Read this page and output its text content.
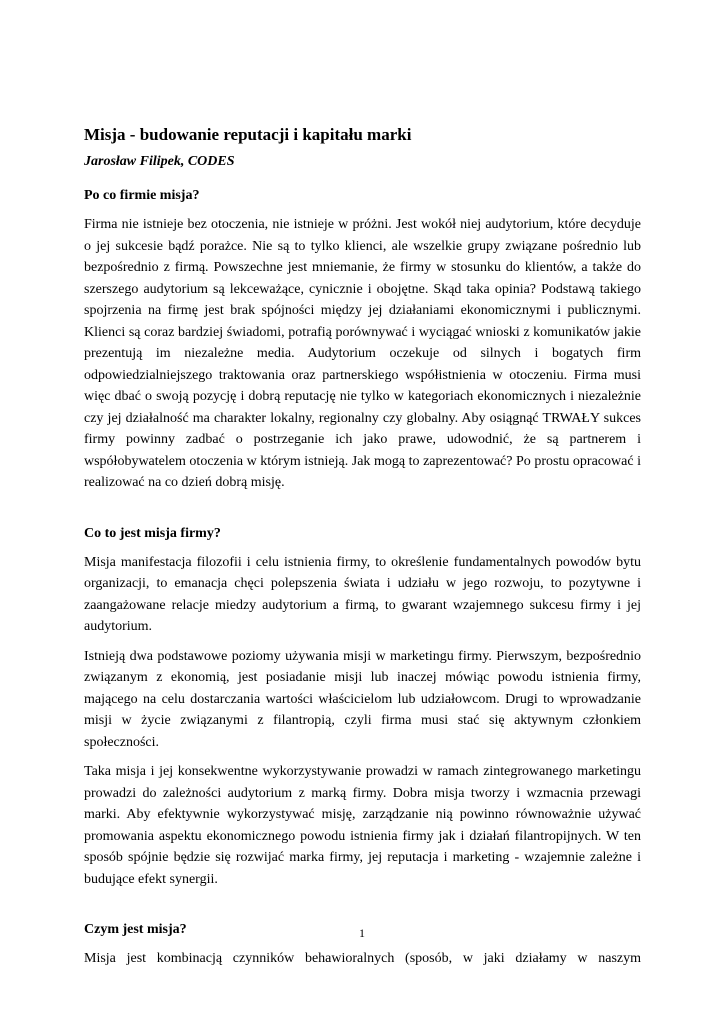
Misja - budowanie reputacji i kapitału marki
Jarosław Filipek, CODES
Po co firmie misja?

Firma nie istnieje bez otoczenia, nie istnieje w próżni. Jest wokół niej audytorium, które decyduje o jej sukcesie bądź porażce. Nie są to tylko klienci, ale wszelkie grupy związane pośrednio lub bezpośrednio z firmą. Powszechne jest mniemanie, że firmy w stosunku do klientów, a także do szerszego audytorium są lekceważące, cynicznie i obojętne. Skąd taka opinia? Podstawą takiego spojrzenia na firmę jest brak spójności między jej działaniami ekonomicznymi i publicznymi. Klienci są coraz bardziej świadomi, potrafią porównywać i wyciągać wnioski z komunikatów jakie prezentują im niezależne media. Audytorium oczekuje od silnych i bogatych firm odpowiedzialniejszego traktowania oraz partnerskiego współistnienia w otoczeniu. Firma musi więc dbać o swoją pozycję i dobrą reputację nie tylko w kategoriach ekonomicznych i niezależnie czy jej działalność ma charakter lokalny, regionalny czy globalny. Aby osiągnąć TRWAŁY sukces firmy powinny zadbać o postrzeganie ich jako prawe, udowodnić, że są partnerem i współobywatelem otoczenia w którym istnieją. Jak mogą to zaprezentować? Po prostu opracować i realizować na co dzień dobrą misję.

Co to jest misja firmy?

Misja manifestacja filozofii i celu istnienia firmy, to określenie fundamentalnych powodów bytu organizacji, to emanacja chęci polepszenia świata i udziału w jego rozwoju, to pozytywne i zaangażowane relacje miedzy audytorium a firmą, to gwarant wzajemnego sukcesu firmy i jej audytorium.

Istnieją dwa podstawowe poziomy używania misji w marketingu firmy. Pierwszym, bezpośrednio związanym z ekonomią, jest posiadanie misji lub inaczej mówiąc powodu istnienia firmy, mającego na celu dostarczania wartości właścicielom lub udziałowcom. Drugi to wprowadzanie misji w życie związanymi z filantropią, czyli firma musi stać się aktywnym członkiem społeczności.

Taka misja i jej konsekwentne wykorzystywanie prowadzi w ramach zintegrowanego marketingu prowadzi do zależności audytorium z marką firmy. Dobra misja tworzy i wzmacnia przewagi marki. Aby efektywnie wykorzystywać misję, zarządzanie nią powinno równoważnie używać promowania aspektu ekonomicznego powodu istnienia firmy jak i działań filantropijnych. W ten sposób spójnie będzie się rozwijać marka firmy, jej reputacja i marketing - wzajemnie zależne i budujące efekt synergii.

Czym jest misja?

Misja jest kombinacją czynników behawioralnych (sposób, w jaki działamy w naszym

1
